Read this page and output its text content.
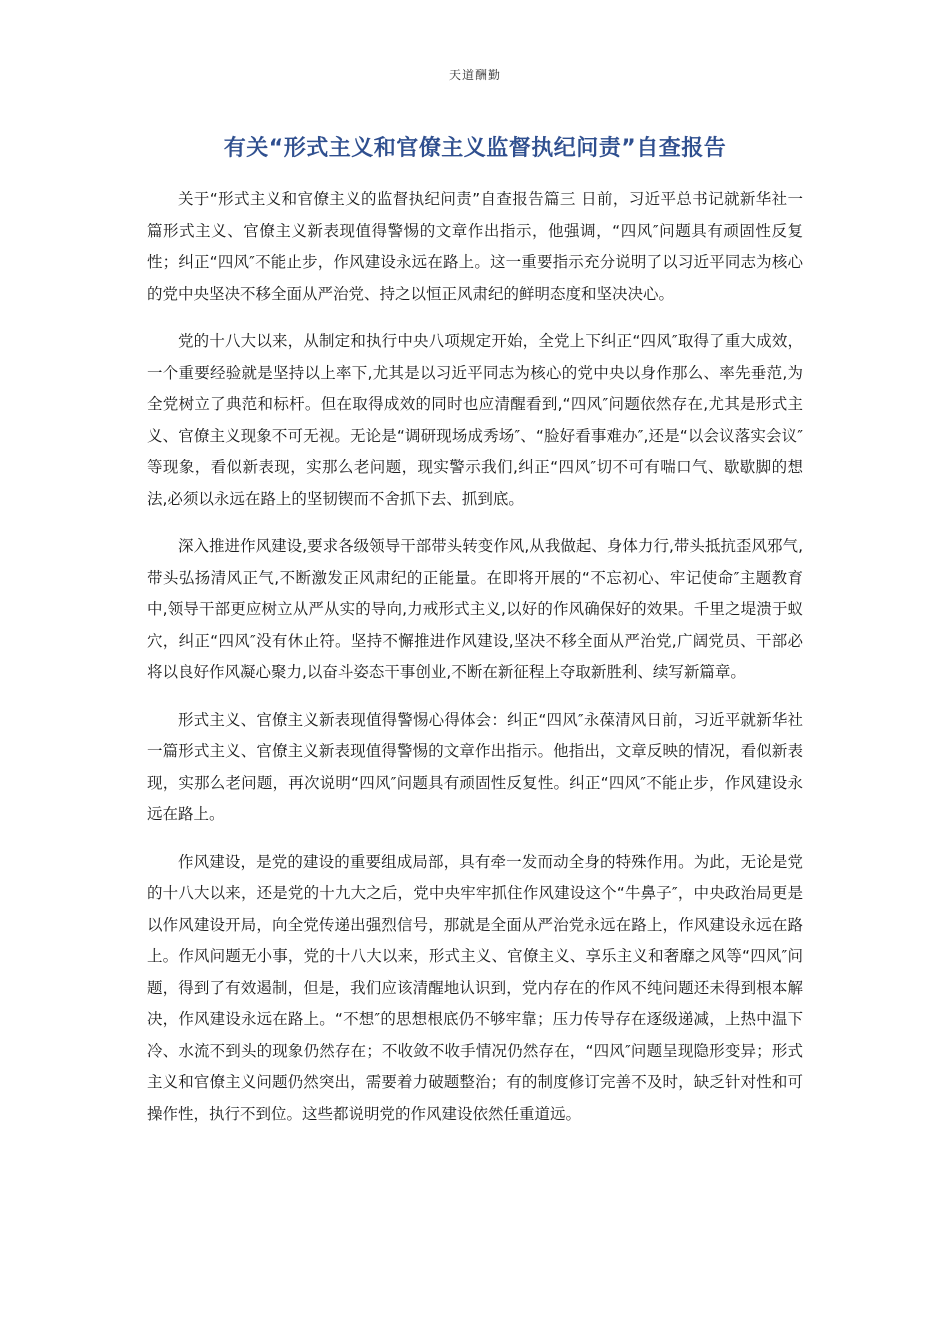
天道酬勤
有关“形式主义和官僚主义监督执纪问责”自查报告

关于“形式主义和官僚主义的监督执纪问责”自查报告篇三 日前，习近平总书记就新华社一篇形式主义、官僚主义新表现值得警惕的文章作出指示，他强调，“四风″问题具有顽固性反复性；纠正“四风″不能止步，作风建设永远在路上。这一重要指示充分说明了以习近平同志为核心的党中央坚决不移全面从严治党、持之以恒正风肃纪的鲜明态度和坚决决心。

党的十八大以来，从制定和执行中央八项规定开始，全党上下纠正“四风″取得了重大成效，一个重要经验就是坚持以上率下,尤其是以习近平同志为核心的党中央以身作那么、率先垂范,为全党树立了典范和标杆。但在取得成效的同时也应清醒看到,“四风″问题依然存在,尤其是形式主义、官僚主义现象不可无视。无论是“调研现场成秀场″、“脸好看事难办″,还是“以会议落实会议″等现象，看似新表现，实那么老问题，现实警示我们,纠正“四风″切不可有喘口气、歇歇脚的想法,必须以永远在路上的坚韧锲而不舍抓下去、抓到底。

深入推进作风建设,要求各级领导干部带头转变作风,从我做起、身体力行,带头抵抗歪风邪气,带头弘扬清风正气,不断激发正风肃纪的正能量。在即将开展的“不忘初心、牢记使命″主题教育中,领导干部更应树立从严从实的导向,力戒形式主义,以好的作风确保好的效果。千里之堤溃于蚁穴，纠正“四风″没有休止符。坚持不懈推进作风建设,坚决不移全面从严治党,广阔党员、干部必将以良好作风凝心聚力,以奋斗姿态干事创业,不断在新征程上夺取新胜利、续写新篇章。

形式主义、官僚主义新表现值得警惕心得体会：纠正“四风″永葆清风日前，习近平就新华社一篇形式主义、官僚主义新表现值得警惕的文章作出指示。他指出，文章反映的情况，看似新表现，实那么老问题，再次说明“四风″问题具有顽固性反复性。纠正“四风″不能止步，作风建设永远在路上。

作风建设，是党的建设的重要组成局部，具有牵一发而动全身的特殊作用。为此，无论是党的十八大以来，还是党的十九大之后，党中央牢牢抓住作风建设这个“牛鼻子″，中央政治局更是以作风建设开局，向全党传递出强烈信号，那就是全面从严治党永远在路上，作风建设永远在路上。作风问题无小事，党的十八大以来，形式主义、官僚主义、享乐主义和奢靡之风等“四风″问题，得到了有效遏制，但是，我们应该清醒地认识到，党内存在的作风不纯问题还未得到根本解决，作风建设永远在路上。“不想″的思想根底仍不够牢靠；压力传导存在逐级递减，上热中温下冷、水流不到头的现象仍然存在；不收敛不收手情况仍然存在，“四风″问题呈现隐形变异；形式主义和官僚主义问题仍然突出，需要着力破题整治；有的制度修订完善不及时，缺乏针对性和可操作性，执行不到位。这些都说明党的作风建设依然任重道远。
